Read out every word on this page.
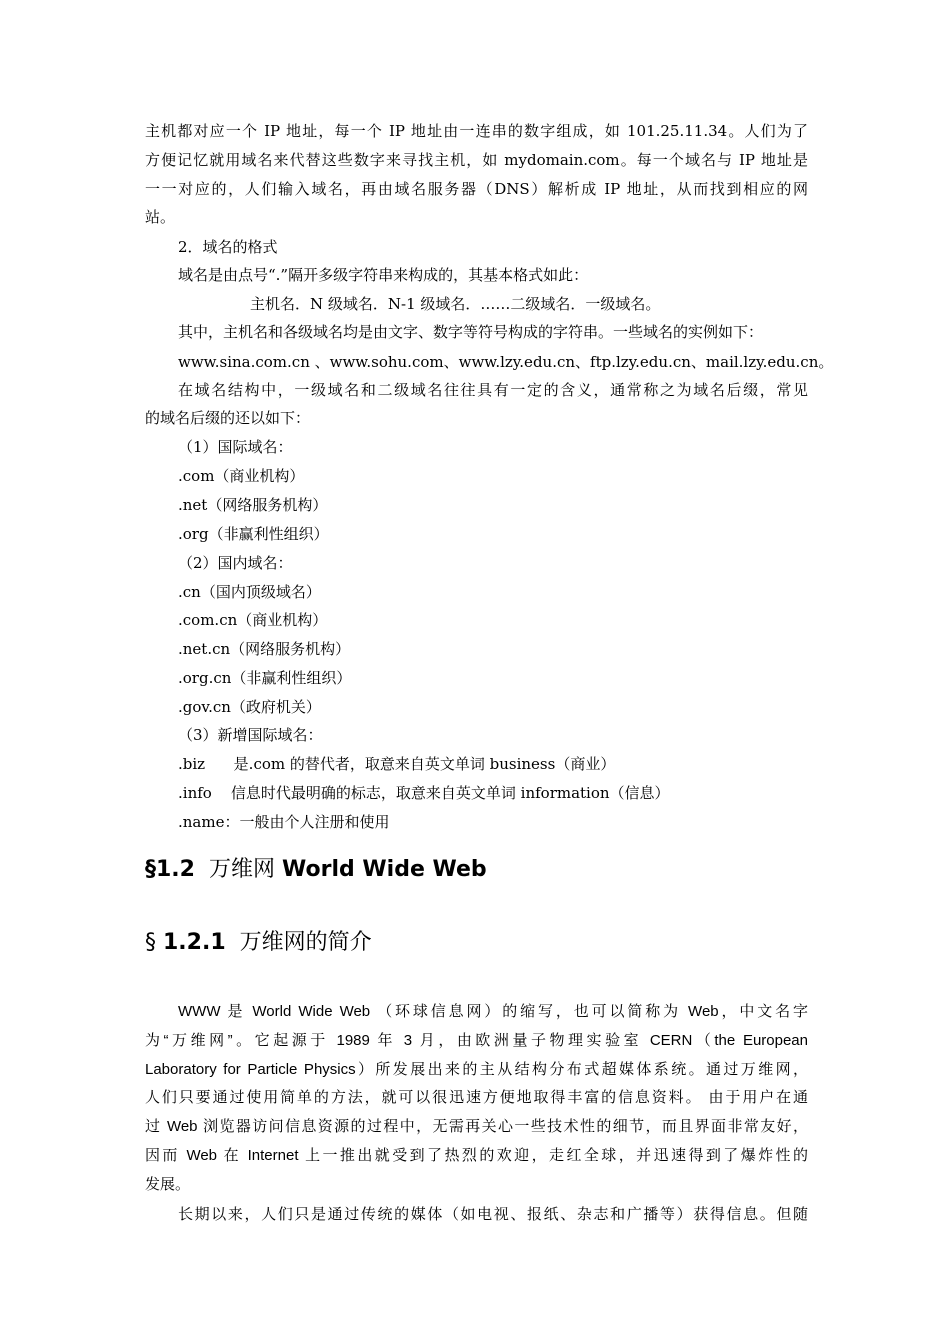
主机都对应一个 IP 地址，每一个 IP 地址由一连串的数字组成，如 101.25.11.34。人们为了
方便记忆就用域名来代替这些数字来寻找主机，如 mydomain.com。每一个域名与 IP 地址是
一一对应的，人们输入域名，再由域名服务器（DNS）解析成 IP 地址，从而找到相应的网
站。
2．域名的格式
域名是由点号“.”隔开多级字符串来构成的，其基本格式如此：
主机名．N 级域名．N-1 级域名．……二级域名．一级域名。
其中，主机名和各级域名均是由文字、数字等符号构成的字符串。一些域名的实例如下：
www.sina.com.cn 、www.sohu.com、www.lzy.edu.cn、ftp.lzy.edu.cn、mail.lzy.edu.cn。
在域名结构中，一级域名和二级域名往往具有一定的含义，通常称之为域名后缀，常见
的域名后缀的还以如下：
（1）国际域名：
.com（商业机构）
.net（网络服务机构）
.org（非赢利性组织）
（2）国内域名：
.cn（国内顶级域名）
.com.cn（商业机构）
.net.cn（网络服务机构）
.org.cn（非赢利性组织）
.gov.cn（政府机关）
（3）新增国际域名：
.biz      是.com 的替代者，取意来自英文单词 business（商业）
.info    信息时代最明确的标志，取意来自英文单词 information（信息）
.name：一般由个人注册和使用
§1.2 万维网 World Wide Web
§ 1.2.1 万维网的简介
WWW 是 World Wide Web （环球信息网）的缩写，也可以简称为 Web，中文名字
为“万维网”。它起源于 1989 年 3 月，由欧洲量子物理实验室 CERN（the European
Laboratory for Particle Physics）所发展出来的主从结构分布式超媒体系统。通过万维网，
人们只要通过使用简单的方法，就可以很迅速方便地取得丰富的信息资料。 由于用户在通
过 Web 浏览器访问信息资源的过程中，无需再关心一些技术性的细节，而且界面非常友好，
因而 Web 在 Internet 上一推出就受到了热烈的欢迎，走红全球，并迅速得到了爆炸性的
发展。
长期以来，人们只是通过传统的媒体（如电视、报纸、杂志和广播等）获得信息。但随
